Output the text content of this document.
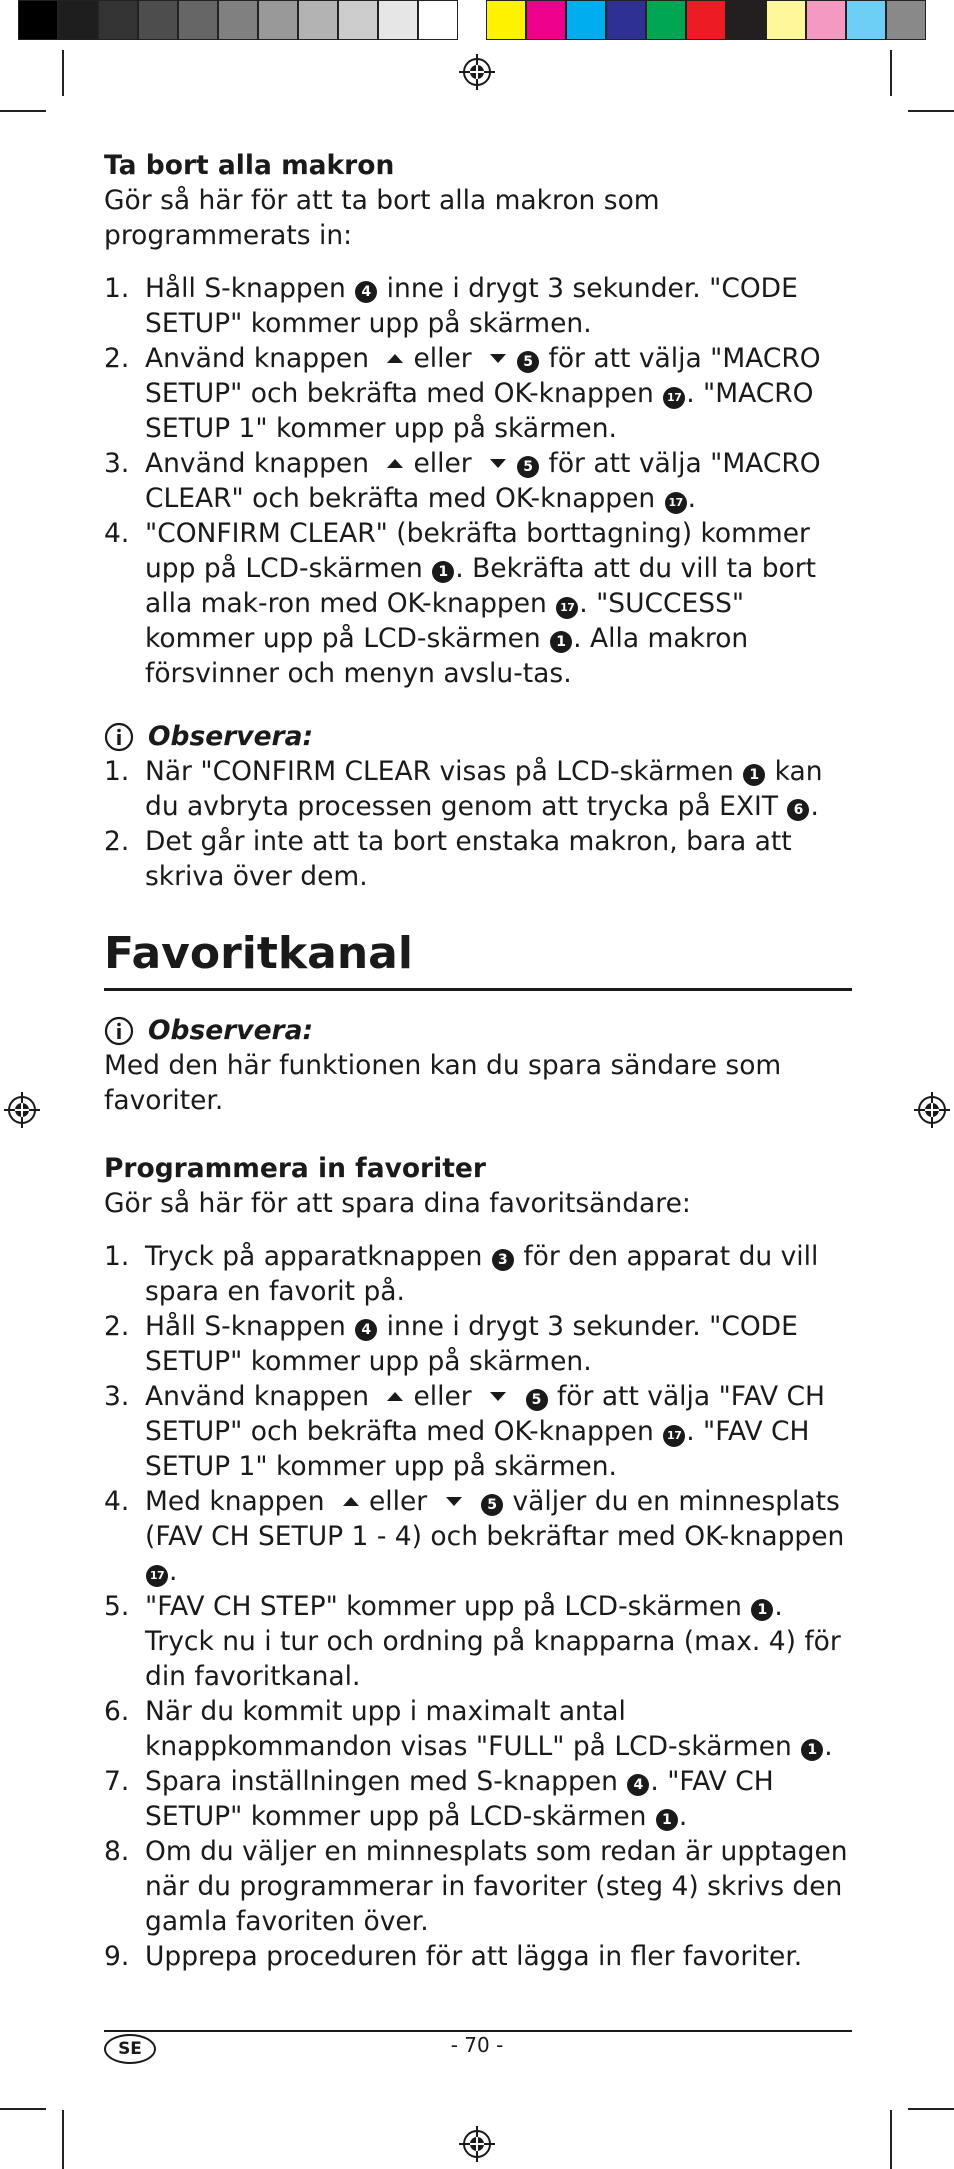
Ta bort alla makron

Gör så här för att ta bort alla makron som programmerats in:

1. Håll S-knappen 4 inne i drygt 3 sekunder. "CODE SETUP" kommer upp på skärmen.
2. Använd knappen eller	5 för att välja "MACRO SETUP" och bekräfta med OK-knappen 17 . "MACRO SETUP 1" kommer upp på skärmen.
3. Använd knappen eller	5 för att välja "MACRO CLEAR" och bekräfta med OK-knappen 17 .
4. "CONFIRM CLEAR" (bekräfta borttagning) kommer upp på LCD-skärmen 1 . Bekräfta att du vill ta bort alla mak-ron med OK-knappen 17 . "SUCCESS" kommer upp på LCD-skärmen 1 . Alla makron försvinner och menyn avslu-tas.
Observera:
1. När "CONFIRM CLEAR visas på LCD-skärmen 1 kan du avbryta processen genom att trycka på EXIT 6 .
2. Det går inte att ta bort enstaka makron, bara att skriva över dem.

Favoritkanal

Observera:

Med den här funktionen kan du spara sändare som favoriter.

Programmera in favoriter

Gör så här för att spara dina favoritsändare:

1. Tryck på apparatknappen 3 för den apparat du vill spara en favorit på.
2. Håll S-knappen 4 inne i drygt 3 sekunder. "CODE SETUP" kommer upp på skärmen.
3. Använd knappen eller	5 för att välja "FAV CH SETUP" och bekräfta med OK-knappen 17 . "FAV CH SETUP 1" kommer upp på skärmen.
4. Med knappen eller	5 väljer du en minnesplats (FAV CH SETUP 1 - 4) och bekräftar med OK-knappen 17 .
5. "FAV CH STEP" kommer upp på LCD-skärmen 1 . Tryck nu i tur och ordning på knapparna (max. 4) för din favoritkanal.
6. När du kommit upp i maximalt antal knappkommandon visas "FULL" på LCD-skärmen 1 .
7. Spara inställningen med S-knappen 4 . "FAV CH SETUP" kommer upp på LCD-skärmen 1 .
8. Om du väljer en minnesplats som redan är upptagen när du programmerar in favoriter (steg 4) skrivs den gamla favoriten över.
9. Upprepa proceduren för att lägga in fler favoriter.
SE	- 70 -
